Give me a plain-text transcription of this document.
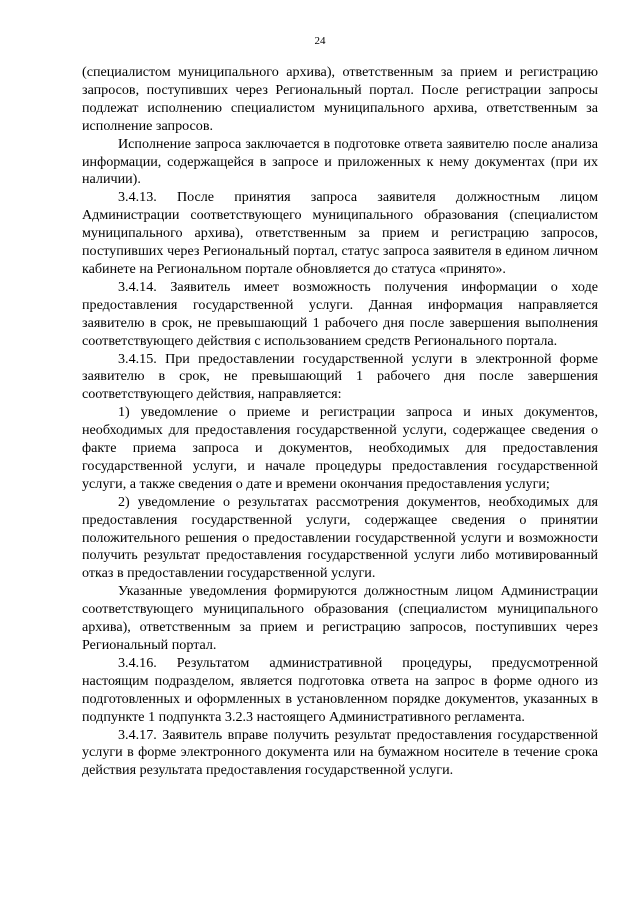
24

(специалистом муниципального архива), ответственным за прием и регистрацию запросов, поступивших через Региональный портал. После регистрации запросы подлежат исполнению специалистом муниципального архива, ответственным за исполнение запросов.

Исполнение запроса заключается в подготовке ответа заявителю после анализа информации, содержащейся в запросе и приложенных к нему документах (при их наличии).

3.4.13. После принятия запроса заявителя должностным лицом Администрации соответствующего муниципального образования (специалистом муниципального архива), ответственным за прием и регистрацию запросов, поступивших через Региональный портал, статус запроса заявителя в едином личном кабинете на Региональном портале обновляется до статуса «принято».

3.4.14. Заявитель имеет возможность получения информации о ходе предоставления государственной услуги. Данная информация направляется заявителю в срок, не превышающий 1 рабочего дня после завершения выполнения соответствующего действия с использованием средств Регионального портала.

3.4.15. При предоставлении государственной услуги в электронной форме заявителю в срок, не превышающий 1 рабочего дня после завершения соответствующего действия, направляется:

1) уведомление о приеме и регистрации запроса и иных документов, необходимых для предоставления государственной услуги, содержащее сведения о факте приема запроса и документов, необходимых для предоставления государственной услуги, и начале процедуры предоставления государственной услуги, а также сведения о дате и времени окончания предоставления услуги;

2) уведомление о результатах рассмотрения документов, необходимых для предоставления государственной услуги, содержащее сведения о принятии положительного решения о предоставлении государственной услуги и возможности получить результат предоставления государственной услуги либо мотивированный отказ в предоставлении государственной услуги.

Указанные уведомления формируются должностным лицом Администрации соответствующего муниципального образования (специалистом муниципального архива), ответственным за прием и регистрацию запросов, поступивших через Региональный портал.

3.4.16. Результатом административной процедуры, предусмотренной настоящим подразделом, является подготовка ответа на запрос в форме одного из подготовленных и оформленных в установленном порядке документов, указанных в подпункте 1 подпункта 3.2.3 настоящего Административного регламента.

3.4.17. Заявитель вправе получить результат предоставления государственной услуги в форме электронного документа или на бумажном носителе в течение срока действия результата предоставления государственной услуги.
